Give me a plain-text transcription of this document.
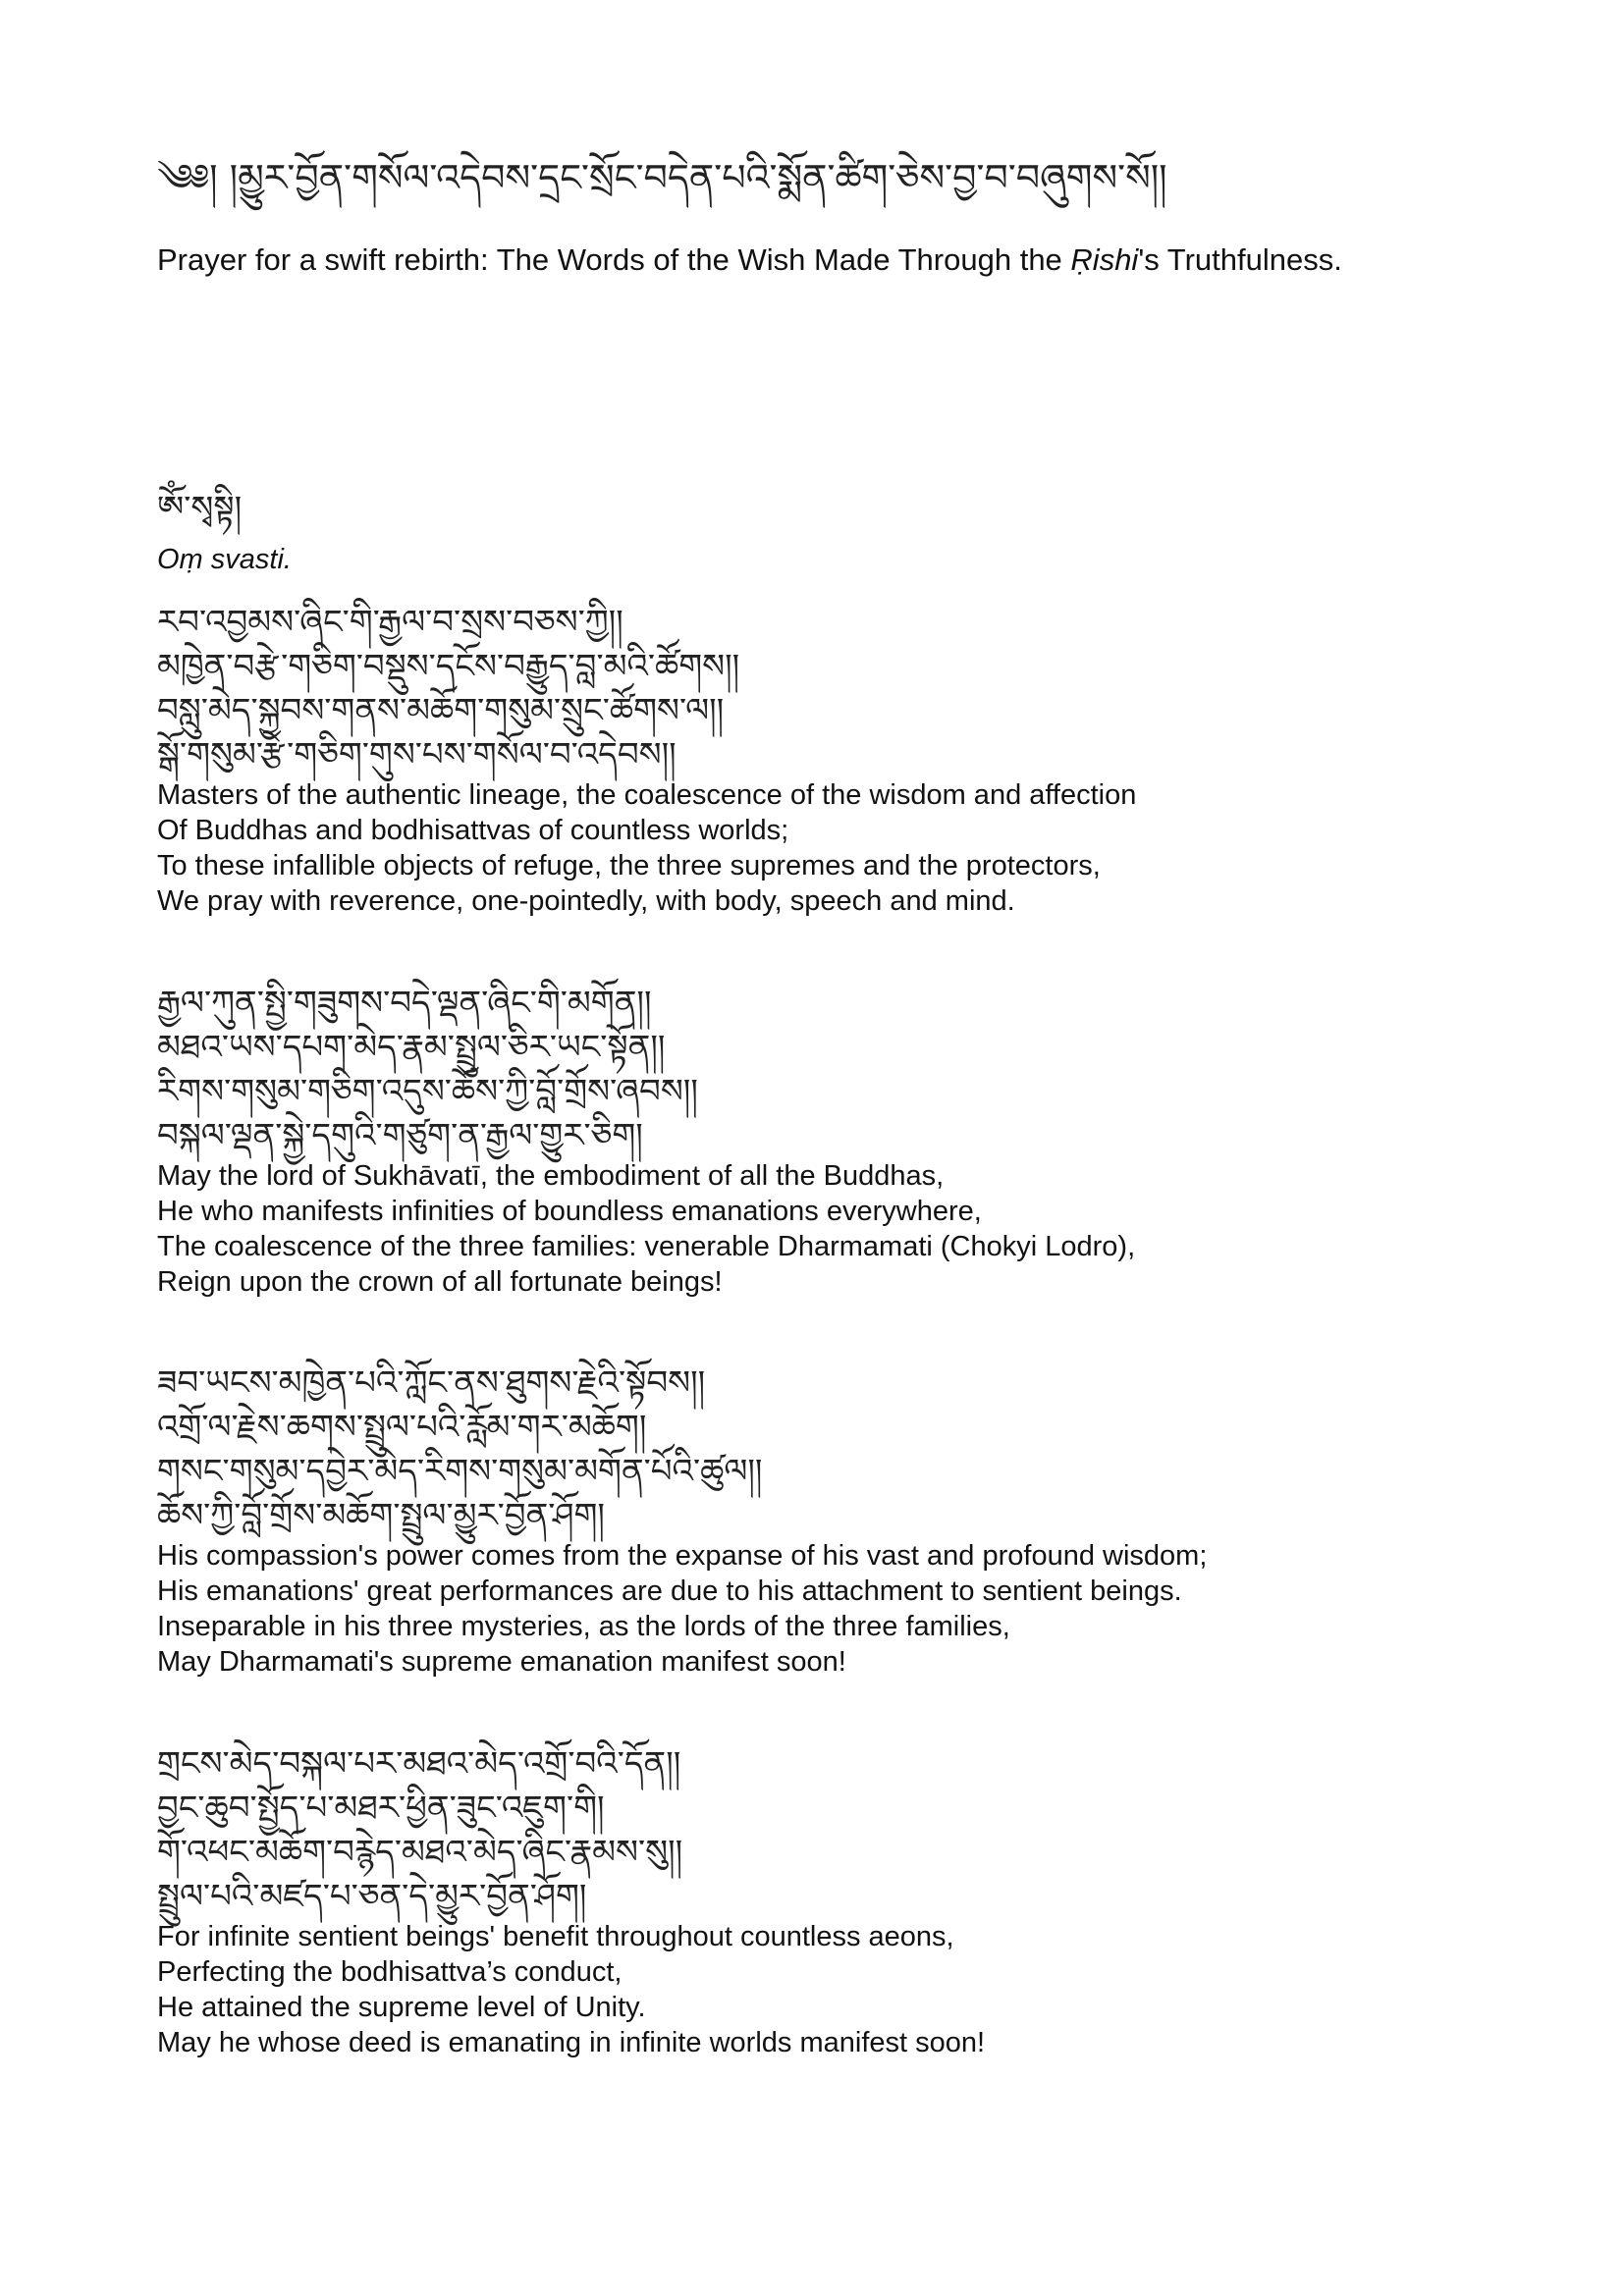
༄༅། །མྱུར་བྱོན་གསོལ་འདེབས་དྲང་སྲོང་བདེན་པའི་སྨོན་ཚིག་ཅེས་བྱ་བ་བཞུགས་སོ།།
Prayer for a swift rebirth: The Words of the Wish Made Through the Ṛishi's Truthfulness.
ཨོཾ་སྭསྟི།
Oṃ svasti.
རབ་འབྱམས་ཞིང་གི་རྒྱལ་བ་སྲས་བཅས་ཀྱི།།
མཁྱེན་བརྩེ་གཅིག་བསྡུས་དངོས་བརྒྱུད་བླ་མའི་ཚོགས།།
བསླུ་མེད་སྐྱབས་གནས་མཆོག་གསུམ་སྲུང་ཚོགས་ལ།།
སྒོ་གསུམ་རྩེ་གཅིག་གུས་པས་གསོལ་བ་འདེབས།།
Masters of the authentic lineage, the coalescence of the wisdom and affection
Of Buddhas and bodhisattvas of countless worlds;
To these infallible objects of refuge, the three supremes and the protectors,
We pray with reverence, one-pointedly, with body, speech and mind.
རྒྱལ་ཀུན་སྤྱི་གཟུགས་བདེ་ལྡན་ཞིང་གི་མགོན།།
མཐའ་ཡས་དཔག་མེད་རྣམ་སྤྲུལ་ཅིར་ཡང་སྟོན།།
རིགས་གསུམ་གཅིག་འདུས་ཆོས་ཀྱི་བློ་གྲོས་ཞབས།།
བསྐལ་ལྡན་སྐྱེ་དགུའི་གཙུག་ན་རྒྱལ་གྱུར་ཅིག།
May the lord of Sukhāvatī, the embodiment of all the Buddhas,
He who manifests infinities of boundless emanations everywhere,
The coalescence of the three families: venerable Dharmamati (Chokyi Lodro),
Reign upon the crown of all fortunate beings!
ཟབ་ཡངས་མཁྱེན་པའི་ཀློང་ནས་ཐུགས་རྗེའི་སྟོབས།།
འགྲོ་ལ་རྗེས་ཆགས་སྤྲུལ་པའི་རློམ་གར་མཆོག།
གསང་གསུམ་དབྱེར་མེད་རིགས་གསུམ་མགོན་པོའི་ཚུལ།།
ཆོས་ཀྱི་བློ་གྲོས་མཆོག་སྤྲུལ་མྱུར་བྱོན་ཤོག།
His compassion's power comes from the expanse of his vast and profound wisdom;
His emanations' great performances are due to his attachment to sentient beings.
Inseparable in his three mysteries, as the lords of the three families,
May Dharmamati's supreme emanation manifest soon!
གྲངས་མེད་བསྐལ་པར་མཐའ་མེད་འགྲོ་བའི་དོན།།
བྱང་ཆུབ་སྤྱོད་པ་མཐར་ཕྱིན་ཟུང་འཇུག་གི།
གོ་འཕང་མཆོག་བརྙེད་མཐའ་མེད་ཞིང་རྣམས་སུ།།
སྤྲུལ་པའི་མཛད་པ་ཅན་དེ་མྱུར་བྱོན་ཤོག།
For infinite sentient beings' benefit throughout countless aeons,
Perfecting the bodhisattva’s conduct,
He attained the supreme level of Unity.
May he whose deed is emanating in infinite worlds manifest soon!
